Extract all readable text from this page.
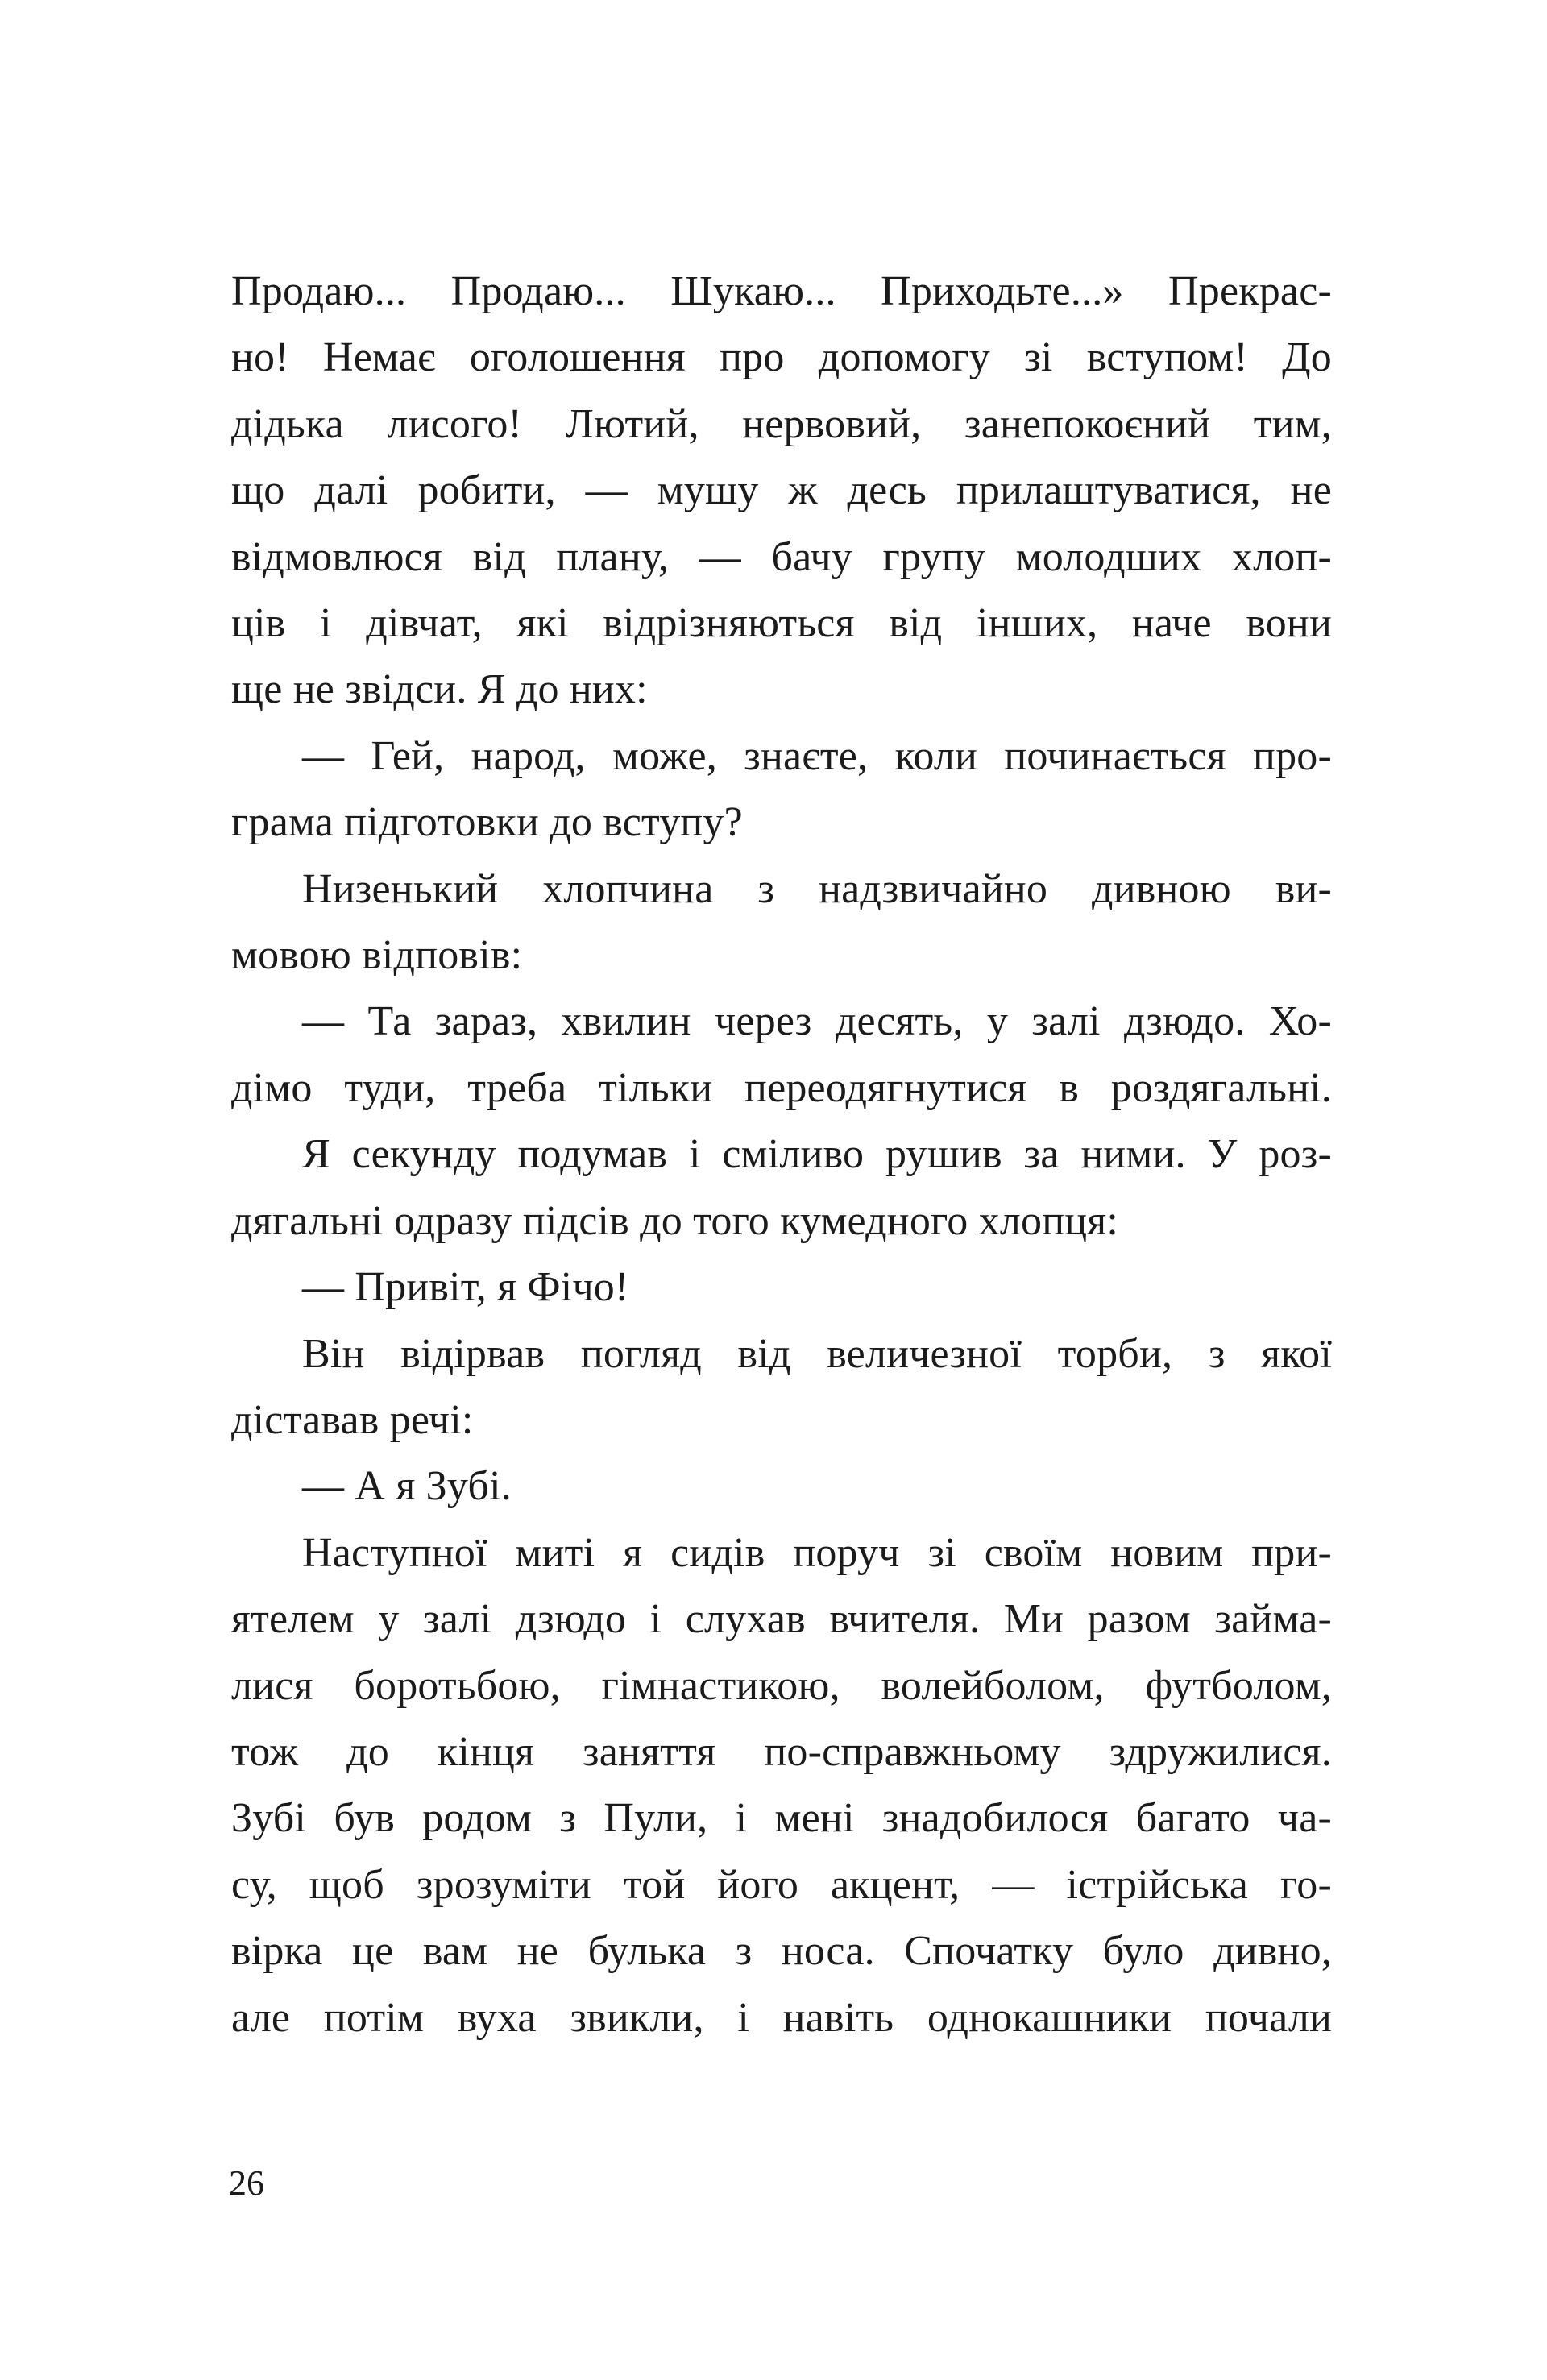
Продаю... Продаю... Шукаю... Приходьте...» Прекрас-
но! Немає оголошення про допомогу зі вступом! До
дідька лисого! Лютий, нервовий, занепокоєний тим,
що далі робити, — мушу ж десь прилаштуватися, не
відмовлюся від плану, — бачу групу молодших хлоп-
ців і дівчат, які відрізняються від інших, наче вони
ще не звідси. Я до них:
— Гей, народ, може, знаєте, коли починається про-
грама підготовки до вступу?
Низенький хлопчина з надзвичайно дивною ви-
мовою відповів:
— Та зараз, хвилин через десять, у залі дзюдо. Хо-
дімо туди, треба тільки переодягнутися в роздягальні.
Я секунду подумав і сміливо рушив за ними. У роз-
дягальні одразу підсів до того кумедного хлопця:
— Привіт, я Фічо!
Він відірвав погляд від величезної торби, з якої
діставав речі:
— А я Зубі.
Наступної миті я сидів поруч зі своїм новим при-
ятелем у залі дзюдо і слухав вчителя. Ми разом займа-
лися боротьбою, гімнастикою, волейболом, футболом,
тож до кінця заняття по-справжньому здружилися.
Зубі був родом з Пули, і мені знадобилося багато ча-
су, щоб зрозуміти той його акцент, — істрійська го-
вірка це вам не булька з носа. Спочатку було дивно,
але потім вуха звикли, і навіть однокашники почали
26
